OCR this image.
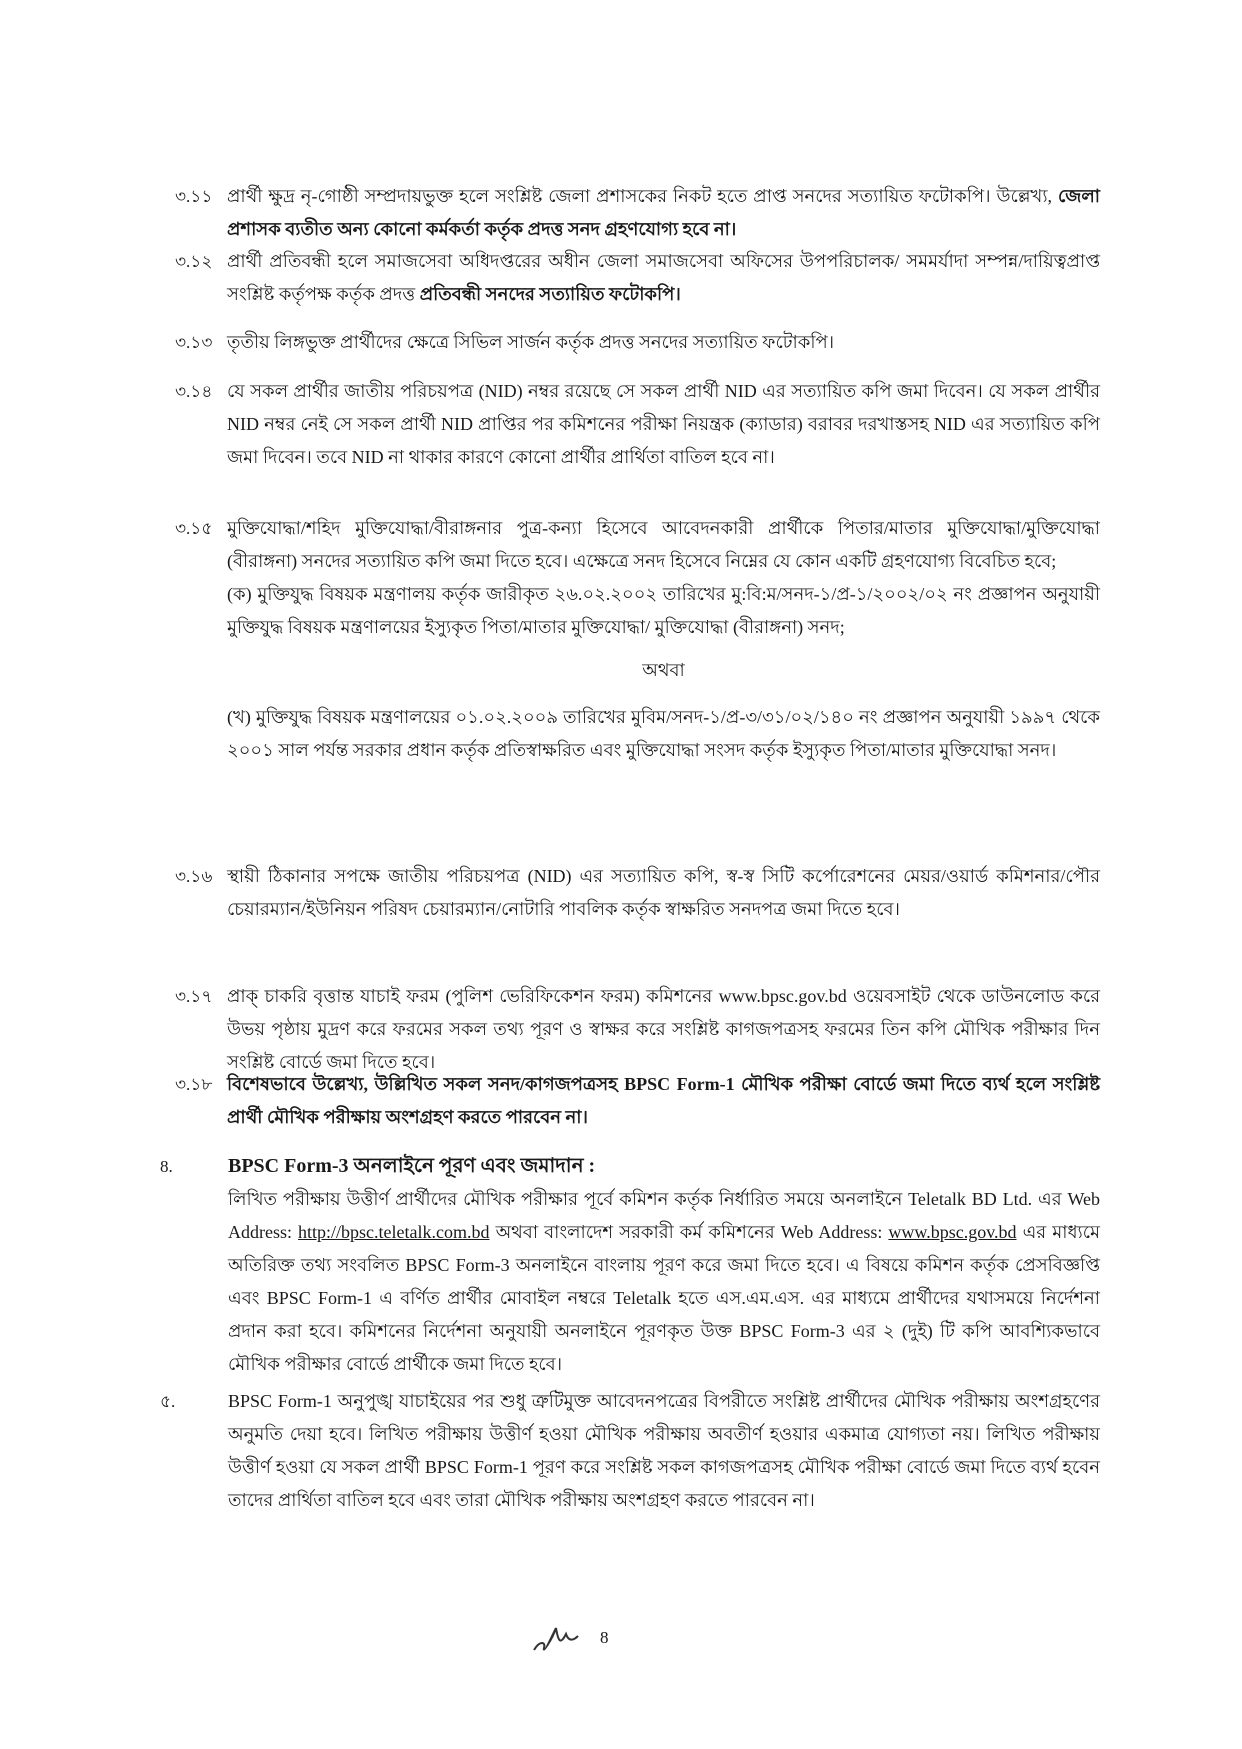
৩.১১ প্রার্থী ক্ষুদ্র নৃ-গোষ্ঠী সম্প্রদায়ভুক্ত হলে সংশ্লিষ্ট জেলা প্রশাসকের নিকট হতে প্রাপ্ত সনদের সত্যায়িত ফটোকপি। উল্লেখ্য, জেলা প্রশাসক ব্যতীত অন্য কোনো কর্মকর্তা কর্তৃক প্রদত্ত সনদ গ্রহণযোগ্য হবে না।
৩.১২ প্রার্থী প্রতিবন্ধী হলে সমাজসেবা অধিদপ্তরের অধীন জেলা সমাজসেবা অফিসের উপপরিচালক/ সমমর্যাদা সম্পন্ন/দায়িত্বপ্রাপ্ত সংশ্লিষ্ট কর্তৃপক্ষ কর্তৃক প্রদত্ত প্রতিবন্ধী সনদের সত্যায়িত ফটোকপি।
৩.১৩ তৃতীয় লিঙ্গভুক্ত প্রার্থীদের ক্ষেত্রে সিভিল সার্জন কর্তৃক প্রদত্ত সনদের সত্যায়িত ফটোকপি।
৩.১৪ যে সকল প্রার্থীর জাতীয় পরিচয়পত্র (NID) নম্বর রয়েছে সে সকল প্রার্থী NID এর সত্যায়িত কপি জমা দিবেন। যে সকল প্রার্থীর NID নম্বর নেই সে সকল প্রার্থী NID প্রাপ্তির পর কমিশনের পরীক্ষা নিয়ন্ত্রক (ক্যাডার) বরাবর দরখাস্তসহ NID এর সত্যায়িত কপি জমা দিবেন। তবে NID না থাকার কারণে কোনো প্রার্থীর প্রার্থিতা বাতিল হবে না।
৩.১৫ মুক্তিযোদ্ধা/শহিদ মুক্তিযোদ্ধা/বীরাঙ্গনার পুত্র-কন্যা হিসেবে আবেদনকারী প্রার্থীকে পিতার/মাতার মুক্তিযোদ্ধা/মুক্তিযোদ্ধা (বীরাঙ্গনা) সনদের সত্যায়িত কপি জমা দিতে হবে। এক্ষেত্রে সনদ হিসেবে নিম্নের যে কোন একটি গ্রহণযোগ্য বিবেচিত হবে;

(ক) মুক্তিযুদ্ধ বিষয়ক মন্ত্রণালয় কর্তৃক জারীকৃত ২৬.০২.২০০২ তারিখের মু:বি:ম/সনদ-১/প্র-১/২০০২/০২ নং প্রজ্ঞাপন অনুযায়ী মুক্তিযুদ্ধ বিষয়ক মন্ত্রণালয়ের ইস্যুকৃত পিতা/মাতার মুক্তিযোদ্ধা/ মুক্তিযোদ্ধা (বীরাঙ্গনা) সনদ;

অথবা

(খ) মুক্তিযুদ্ধ বিষয়ক মন্ত্রণালয়ের ০১.০২.২০০৯ তারিখের মুবিম/সনদ-১/প্র-৩/৩১/০২/১৪০ নং প্রজ্ঞাপন অনুযায়ী ১৯৯৭ থেকে ২০০১ সাল পর্যন্ত সরকার প্রধান কর্তৃক প্রতিস্বাক্ষরিত এবং মুক্তিযোদ্ধা সংসদ কর্তৃক ইস্যুকৃত পিতা/মাতার মুক্তিযোদ্ধা সনদ।

৩.১৬ স্থায়ী ঠিকানার সপক্ষে জাতীয় পরিচয়পত্র (NID) এর সত্যায়িত কপি, স্ব-স্ব সিটি কর্পোরেশনের মেয়র/ওয়ার্ড কমিশনার/পৌর চেয়ারম্যান/ইউনিয়ন পরিষদ চেয়ারম্যান/নোটারি পাবলিক কর্তৃক স্বাক্ষরিত সনদপত্র জমা দিতে হবে।
৩.১৭ প্রাক্ চাকরি বৃত্তান্ত যাচাই ফরম (পুলিশ ভেরিফিকেশন ফরম) কমিশনের www.bpsc.gov.bd ওয়েবসাইট থেকে ডাউনলোড করে উভয় পৃষ্ঠায় মুদ্রণ করে ফরমের সকল তথ্য পূরণ ও স্বাক্ষর করে সংশ্লিষ্ট কাগজপত্রসহ ফরমের তিন কপি মৌখিক পরীক্ষার দিন সংশ্লিষ্ট বোর্ডে জমা দিতে হবে।
৩.১৮ বিশেষভাবে উল্লেখ্য, উল্লিখিত সকল সনদ/কাগজপত্রসহ BPSC Form-1 মৌখিক পরীক্ষা বোর্ডে জমা দিতে ব্যর্থ হলে সংশ্লিষ্ট প্রার্থী মৌখিক পরীক্ষায় অংশগ্রহণ করতে পারবেন না।
8.	BPSC Form-3 অনলাইনে পূরণ এবং জমাদান :

লিখিত পরীক্ষায় উত্তীর্ণ প্রার্থীদের মৌখিক পরীক্ষার পূর্বে কমিশন কর্তৃক নির্ধারিত সময়ে অনলাইনে Teletalk BD Ltd. এর Web Address: http://bpsc.teletalk.com.bd অথবা বাংলাদেশ সরকারী কর্ম কমিশনের Web Address: www.bpsc.gov.bd এর মাধ্যমে অতিরিক্ত তথ্য সংবলিত BPSC Form-3 অনলাইনে বাংলায় পূরণ করে জমা দিতে হবে। এ বিষয়ে কমিশন কর্তৃক প্রেসবিজ্ঞপ্তি এবং BPSC Form-1 এ বর্ণিত প্রার্থীর মোবাইল নম্বরে Teletalk হতে এস.এম.এস. এর মাধ্যমে প্রার্থীদের যথাসময়ে নির্দেশনা প্রদান করা হবে। কমিশনের নির্দেশনা অনুযায়ী অনলাইনে পূরণকৃত উক্ত BPSC Form-3 এর ২ (দুই) টি কপি আবশ্যিকভাবে মৌখিক পরীক্ষার বোর্ডে প্রার্থীকে জমা দিতে হবে।

৫.	BPSC Form-1 অনুপুঙ্খ যাচাইয়ের পর শুধু ত্রুটিমুক্ত আবেদনপত্রের বিপরীতে সংশ্লিষ্ট প্রার্থীদের মৌখিক পরীক্ষায় অংশগ্রহণের অনুমতি দেয়া হবে। লিখিত পরীক্ষায় উত্তীর্ণ হওয়া মৌখিক পরীক্ষায় অবতীর্ণ হওয়ার একমাত্র যোগ্যতা নয়। লিখিত পরীক্ষায় উত্তীর্ণ হওয়া যে সকল প্রার্থী BPSC Form-1 পূরণ করে সংশ্লিষ্ট সকল কাগজপত্রসহ মৌখিক পরীক্ষা বোর্ডে জমা দিতে ব্যর্থ হবেন তাদের প্রার্থিতা বাতিল হবে এবং তারা মৌখিক পরীক্ষায় অংশগ্রহণ করতে পারবেন না।
8
